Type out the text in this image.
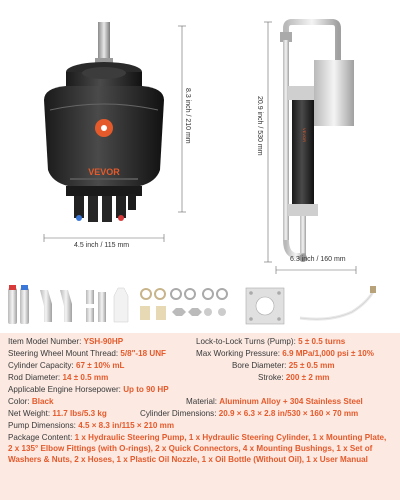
VEVOR
VEVOR
8.3 inch / 210 mm
4.5 inch / 115 mm
20.9 inch / 530 mm
6.3 inch / 160 mm
Item Model Number: YSH-90HP	Lock-to-Lock Turns (Pump): 5 ± 0.5 turns
Steering Wheel Mount Thread: 5/8"-18 UNF	Max Working Pressure: 6.9 MPa/1,000 psi ± 10%
Cylinder Capacity: 67 ± 10% mL	Bore Diameter: 25 ± 0.5 mm
Rod Diameter: 14 ± 0.5 mm	Stroke: 200 ± 2 mm
Applicable Engine Horsepower: Up to 90 HP
Color: Black	Material: Aluminum Alloy + 304 Stainless Steel
Net Weight: 11.7 lbs/5.3 kg	Cylinder Dimensions: 20.9 × 6.3 × 2.8 in/530 × 160 × 70 mm
Pump Dimensions: 4.5 × 8.3 in/115 × 210 mm
Package Content: 1 x Hydraulic Steering Pump, 1 x Hydraulic Steering Cylinder, 1 x Mounting Plate, 2 x 135° Elbow Fittings (with O-rings), 2 x Quick Connectors, 4 x Mounting Bushings, 1 x Set of Washers & Nuts, 2 x Hoses, 1 x Plastic Oil Nozzle, 1 x Oil Bottle (Without Oil), 1 x User Manual
